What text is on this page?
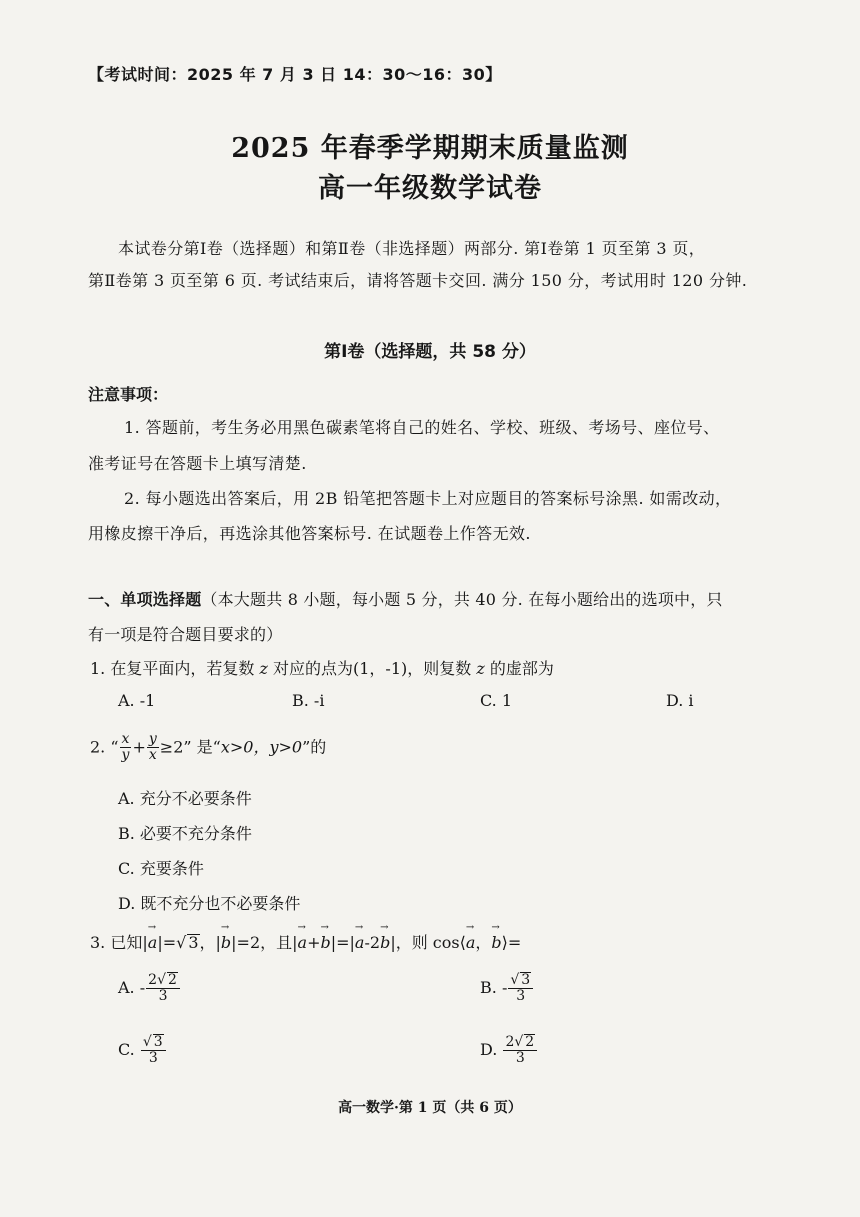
【考试时间：2025 年 7 月 3 日 14：30～16：30】
2025 年春季学期期末质量监测
高一年级数学试卷
本试卷分第Ⅰ卷（选择题）和第Ⅱ卷（非选择题）两部分. 第Ⅰ卷第 1 页至第 3 页，
第Ⅱ卷第 3 页至第 6 页. 考试结束后，请将答题卡交回. 满分 150 分，考试用时 120 分钟.
第Ⅰ卷（选择题，共 58 分）
注意事项：
1. 答题前，考生务必用黑色碳素笔将自己的姓名、学校、班级、考场号、座位号、
准考证号在答题卡上填写清楚.
2. 每小题选出答案后，用 2B 铅笔把答题卡上对应题目的答案标号涂黑. 如需改动，
用橡皮擦干净后，再选涂其他答案标号. 在试题卷上作答无效.
一、单项选择题（本大题共 8 小题，每小题 5 分，共 40 分. 在每小题给出的选项中，只
有一项是符合题目要求的）
1. 在复平面内，若复数 z 对应的点为(1，-1)，则复数 z 的虚部为
A. -1	B. -i	C. 1	D. i
2. “ $\frac{x}{y} + \frac{y}{x} \ge 2$” 是“x>0，y>0”的
A. 充分不必要条件
B. 必要不充分条件
C. 充要条件
D. 既不充分也不必要条件
3. 已知|→ a|=√ 3，|→ b|=2，且|→ a+→ b|=|→ a-2→ b|，则 cos⟨→ a，→ b⟩=
A. - $\frac{2√ 2}{3}$	B. - $\frac{√ 3}{3}$
C. $\frac{√ 3}{3}$	D. $\frac{2√ 2}{3}$
高一数学·第 1 页（共 6 页）
